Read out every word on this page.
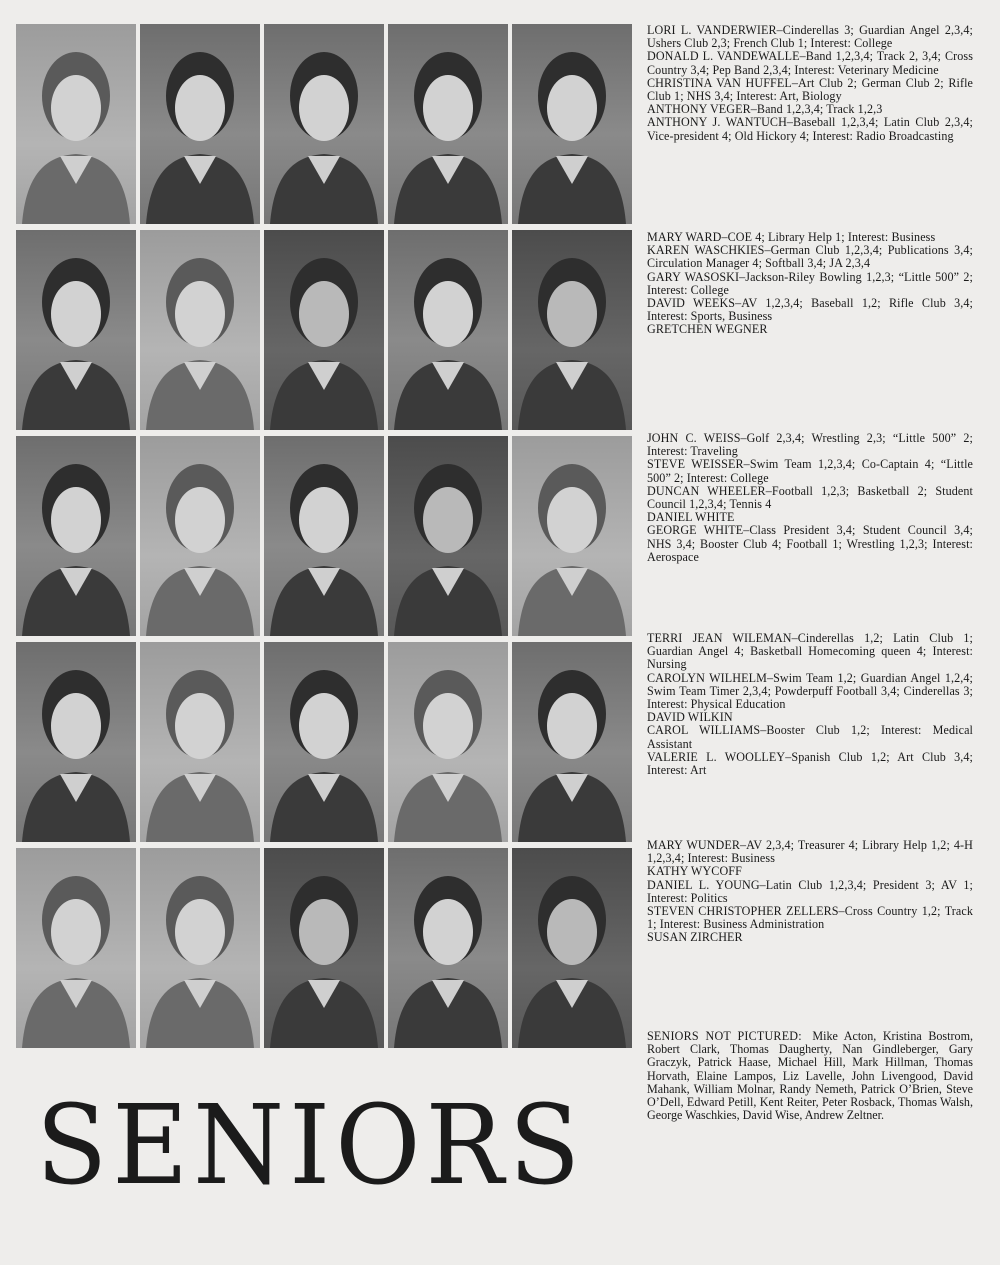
LORI L. VANDERWIER–Cinderellas 3; Guardian Angel 2,3,4; Ushers Club 2,3; French Club 1; Interest: College
DONALD L. VANDEWALLE–Band 1,2,3,4; Track 2, 3,4; Cross Country 3,4; Pep Band 2,3,4; Interest: Veterinary Medicine
CHRISTINA VAN HUFFEL–Art Club 2; German Club 2; Rifle Club 1; NHS 3,4; Interest: Art, Biology
ANTHONY VEGER–Band 1,2,3,4; Track 1,2,3
ANTHONY J. WANTUCH–Baseball 1,2,3,4; Latin Club 2,3,4; Vice-president 4; Old Hickory 4; Interest: Radio Broadcasting
MARY WARD–COE 4; Library Help 1; Interest: Business
KAREN WASCHKIES–German Club 1,2,3,4; Publications 3,4; Circulation Manager 4; Softball 3,4; JA 2,3,4
GARY WASOSKI–Jackson-Riley Bowling 1,2,3; “Little 500” 2; Interest: College
DAVID WEEKS–AV 1,2,3,4; Baseball 1,2; Rifle Club 3,4; Interest: Sports, Business
GRETCHEN WEGNER
JOHN C. WEISS–Golf 2,3,4; Wrestling 2,3; “Little 500” 2; Interest: Traveling
STEVE WEISSER–Swim Team 1,2,3,4; Co-Captain 4; “Little 500” 2; Interest: College
DUNCAN WHEELER–Football 1,2,3; Basketball 2; Student Council 1,2,3,4; Tennis 4
DANIEL WHITE
GEORGE WHITE–Class President 3,4; Student Council 3,4; NHS 3,4; Booster Club 4; Football 1; Wrestling 1,2,3; Interest: Aerospace
TERRI JEAN WILEMAN–Cinderellas 1,2; Latin Club 1; Guardian Angel 4; Basketball Homecoming queen 4; Interest: Nursing
CAROLYN WILHELM–Swim Team 1,2; Guardian Angel 1,2,4; Swim Team Timer 2,3,4; Powderpuff Football 3,4; Cinderellas 3; Interest: Physical Education
DAVID WILKIN
CAROL WILLIAMS–Booster Club 1,2; Interest: Medical Assistant
VALERIE L. WOOLLEY–Spanish Club 1,2; Art Club 3,4; Interest: Art
MARY WUNDER–AV 2,3,4; Treasurer 4; Library Help 1,2; 4-H 1,2,3,4; Interest: Business
KATHY WYCOFF
DANIEL L. YOUNG–Latin Club 1,2,3,4; President 3; AV 1; Interest: Politics
STEVEN CHRISTOPHER ZELLERS–Cross Country 1,2; Track 1; Interest: Business Administration
SUSAN ZIRCHER
SENIORS NOT PICTURED: Mike Acton, Kristina Bostrom, Robert Clark, Thomas Daugherty, Nan Gindleberger, Gary Graczyk, Patrick Haase, Michael Hill, Mark Hillman, Thomas Horvath, Elaine Lampos, Liz Lavelle, John Livengood, David Mahank, William Molnar, Randy Nemeth, Patrick O’Brien, Steve O’Dell, Edward Petill, Kent Reiter, Peter Rosback, Thomas Walsh, George Waschkies, David Wise, Andrew Zeltner.
SENIORS
